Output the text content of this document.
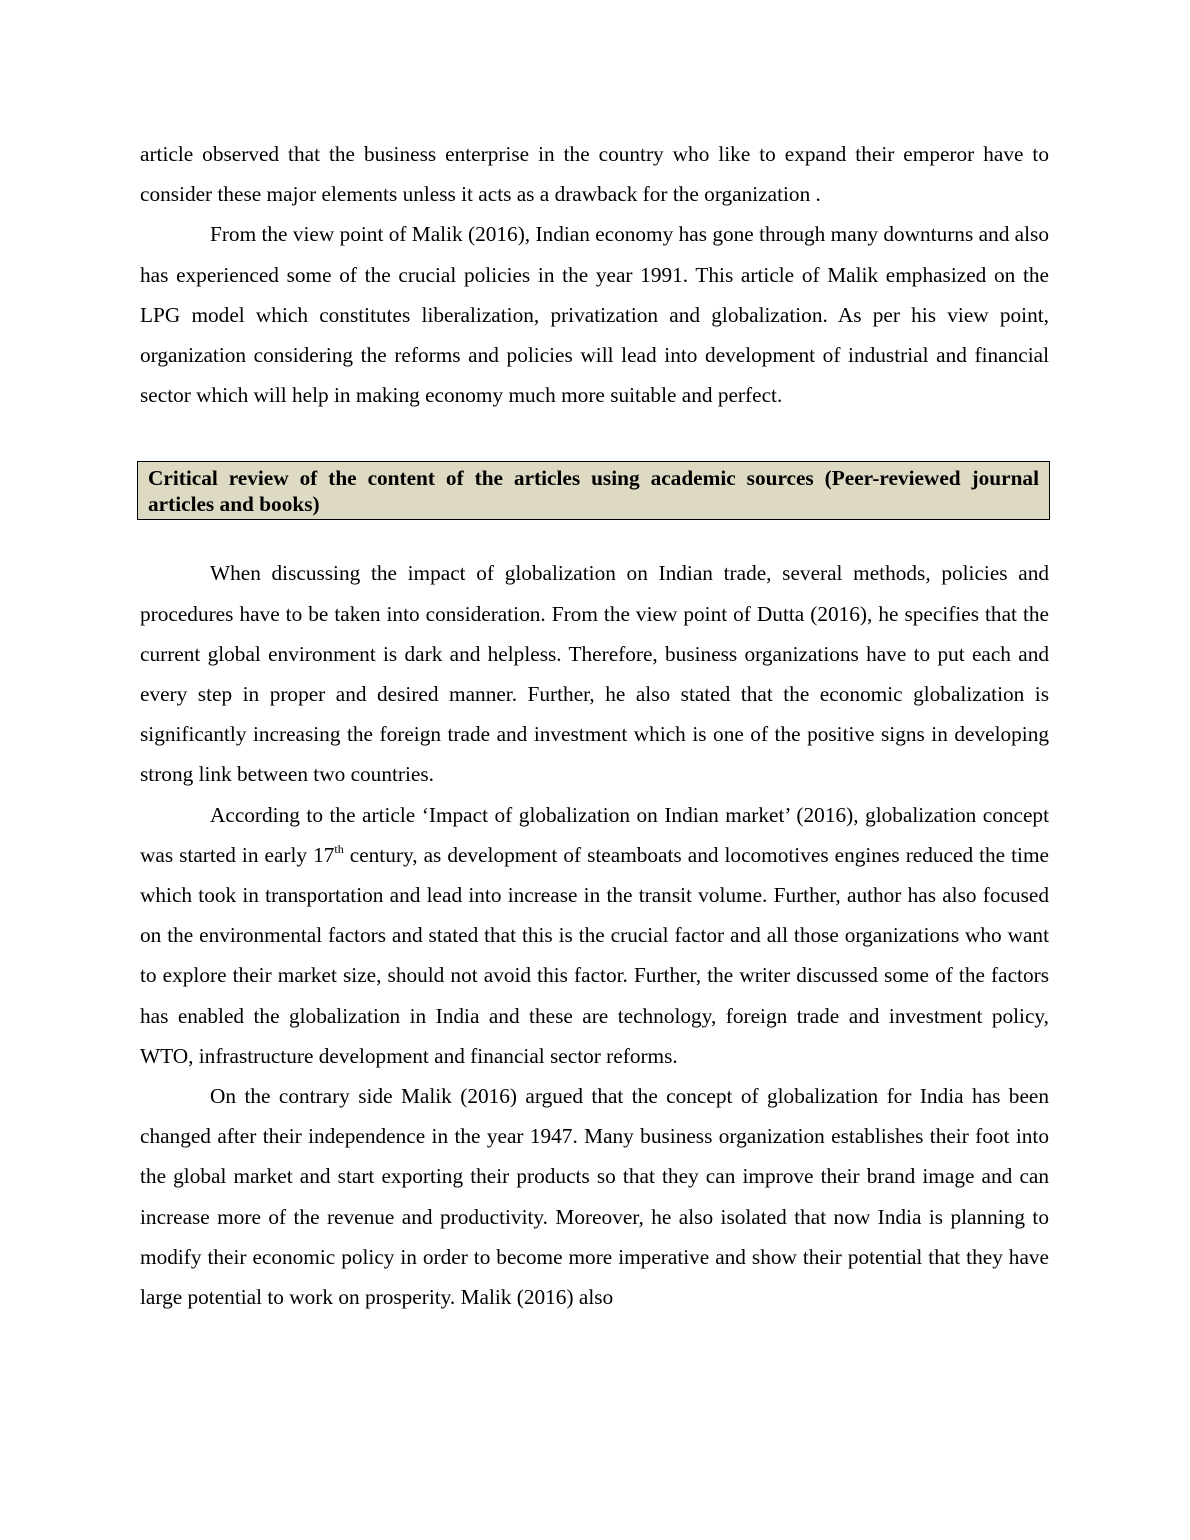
article observed that the business enterprise in the country who like to expand their emperor have to consider these major elements unless it acts as a drawback for the organization .

From the view point of Malik (2016), Indian economy has gone through many downturns and also has experienced some of the crucial policies in the year 1991. This article of Malik emphasized on the LPG model which constitutes liberalization, privatization and globalization. As per his view point, organization considering the reforms and policies will lead into development of industrial and financial sector which will help in making economy much more suitable and perfect.

Critical review of the content of the articles using academic sources (Peer-reviewed journal articles and books)

When discussing the impact of globalization on Indian trade, several methods, policies and procedures have to be taken into consideration. From the view point of Dutta (2016), he specifies that the current global environment is dark and helpless. Therefore, business organizations have to put each and every step in proper and desired manner. Further, he also stated that the economic globalization is significantly increasing the foreign trade and investment which is one of the positive signs in developing strong link between two countries.

According to the article ‘Impact of globalization on Indian market’ (2016), globalization concept was started in early 17th century, as development of steamboats and locomotives engines reduced the time which took in transportation and lead into increase in the transit volume. Further, author has also focused on the environmental factors and stated that this is the crucial factor and all those organizations who want to explore their market size, should not avoid this factor. Further, the writer discussed some of the factors has enabled the globalization in India and these are technology, foreign trade and investment policy, WTO, infrastructure development and financial sector reforms.

On the contrary side Malik (2016) argued that the concept of globalization for India has been changed after their independence in the year 1947. Many business organization establishes their foot into the global market and start exporting their products so that they can improve their brand image and can increase more of the revenue and productivity. Moreover, he also isolated that now India is planning to modify their economic policy in order to become more imperative and show their potential that they have large potential to work on prosperity. Malik (2016) also
